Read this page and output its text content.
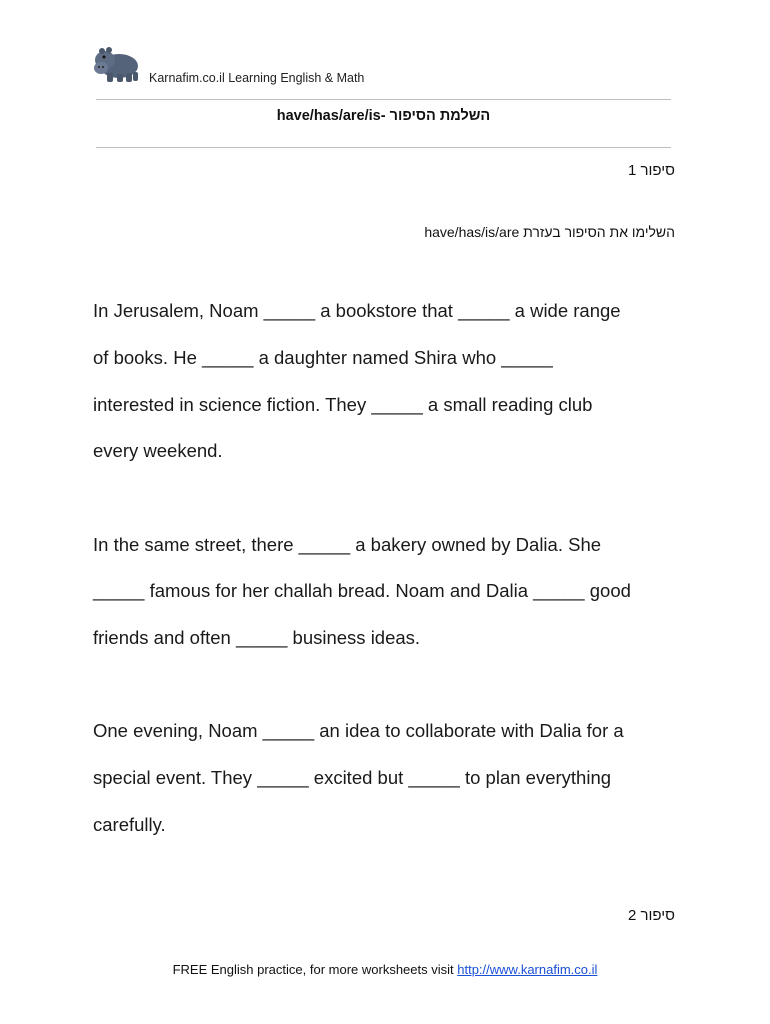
Karnafim.co.il Learning English & Math
have/has/are/is- השלמת הסיפור
סיפור 1
השלימו את הסיפור בעזרת have/has/is/are
In Jerusalem, Noam _____ a bookstore that _____ a wide range
of books. He _____ a daughter named Shira who _____
interested in science fiction. They _____ a small reading club
every weekend.
In the same street, there _____ a bakery owned by Dalia. She
_____ famous for her challah bread. Noam and Dalia _____ good
friends and often _____ business ideas.
One evening, Noam _____ an idea to collaborate with Dalia for a
special event. They _____ excited but _____ to plan everything
carefully.
סיפור 2
FREE English practice, for more worksheets visit http://www.karnafim.co.il
